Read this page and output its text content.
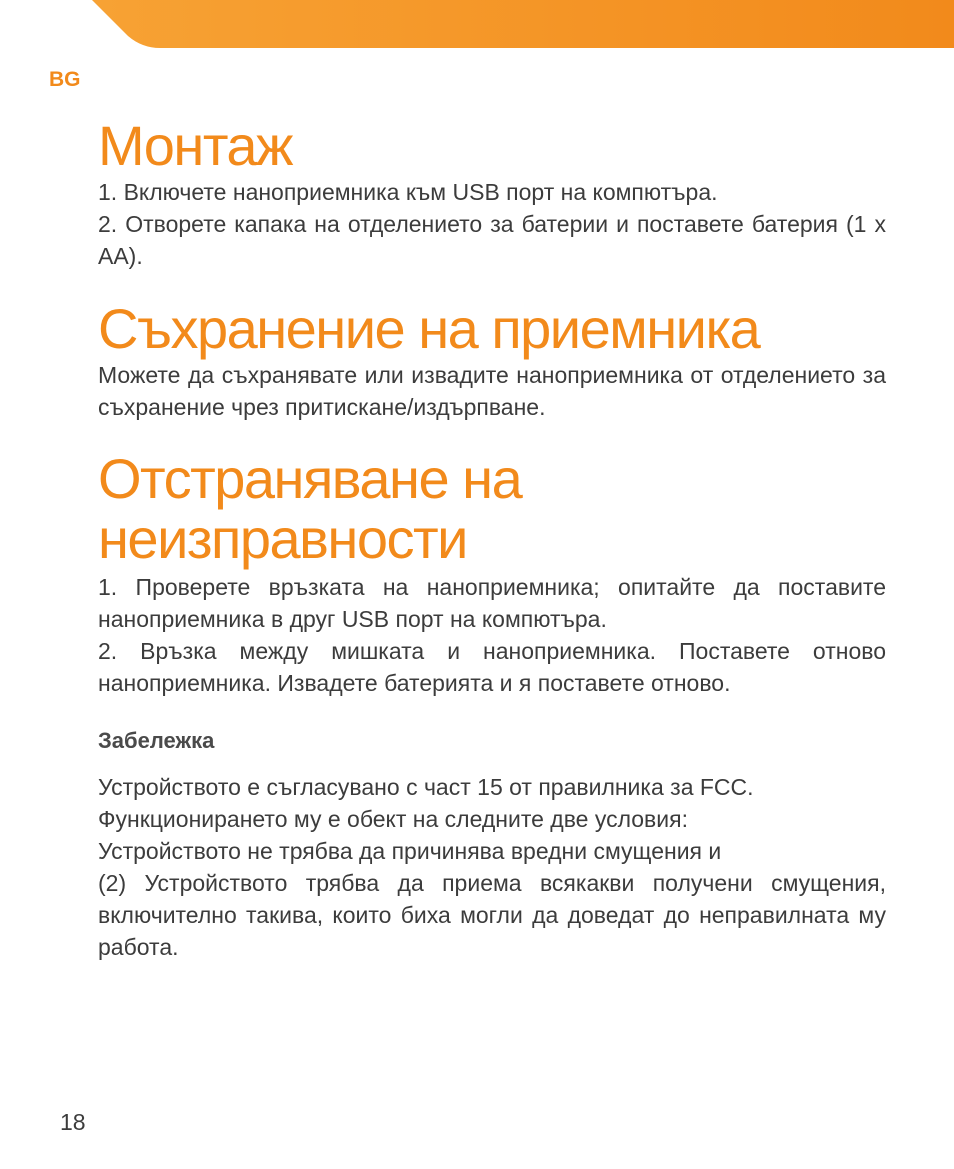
BG

Монтаж

1. Включете наноприемника към USB порт на компютъра.

2. Отворете капака на отделението за батерии и поставете батерия (1 x AA).

Съхранение на приемника

Можете да съхранявате или извадите наноприемника от отделението за съхранение чрез притискане/издърпване.

Отстраняване на
неизправности

1. Проверете връзката на наноприемника; опитайте да поставите наноприемника в друг USB порт на компютъра.

2. Връзка между мишката и наноприемника. Поставете отново наноприемника. Извадете батерията и я поставете отново.

Забележка

Устройството е съгласувано с част 15 от правилника за FCC.

Функционирането му е обект на следните две условия:

Устройството не трябва да причинява вредни смущения и

(2) Устройството трябва да приема всякакви получени смущения, включително такива, които биха могли да доведат до неправилната му работа.

18
